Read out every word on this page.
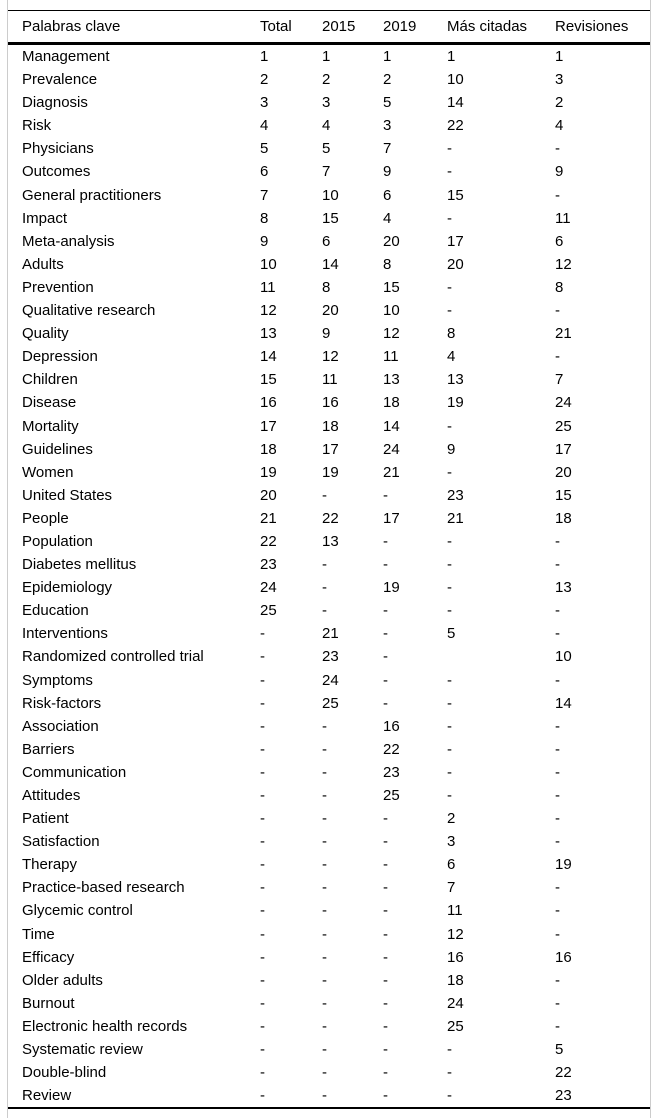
Palabras clave	Total	2015	2019	Más citadas	Revisiones
Management	1	1	1	1	1
Prevalence	2	2	2	10	3
Diagnosis	3	3	5	14	2
Risk	4	4	3	22	4
Physicians	5	5	7	-	-
Outcomes	6	7	9	-	9
General practitioners	7	10	6	15	-
Impact	8	15	4	-	11
Meta-analysis	9	6	20	17	6
Adults	10	14	8	20	12
Prevention	11	8	15	-	8
Qualitative research	12	20	10	-	-
Quality	13	9	12	8	21
Depression	14	12	11	4	-
Children	15	11	13	13	7
Disease	16	16	18	19	24
Mortality	17	18	14	-	25
Guidelines	18	17	24	9	17
Women	19	19	21	-	20
United States	20	-	-	23	15
People	21	22	17	21	18
Population	22	13	-	-	-
Diabetes mellitus	23	-	-	-	-
Epidemiology	24	-	19	-	13
Education	25	-	-	-	-
Interventions	-	21	-	5	-
Randomized controlled trial	-	23	-		10
Symptoms	-	24	-	-	-
Risk-factors	-	25	-	-	14
Association	-	-	16	-	-
Barriers	-	-	22	-	-
Communication	-	-	23	-	-
Attitudes	-	-	25	-	-
Patient	-	-	-	2	-
Satisfaction	-	-	-	3	-
Therapy	-	-	-	6	19
Practice-based research	-	-	-	7	-
Glycemic control	-	-	-	11	-
Time	-	-	-	12	-
Efficacy	-	-	-	16	16
Older adults	-	-	-	18	-
Burnout	-	-	-	24	-
Electronic health records	-	-	-	25	-
Systematic review	-	-	-	-	5
Double-blind	-	-	-	-	22
Review	-	-	-	-	23
